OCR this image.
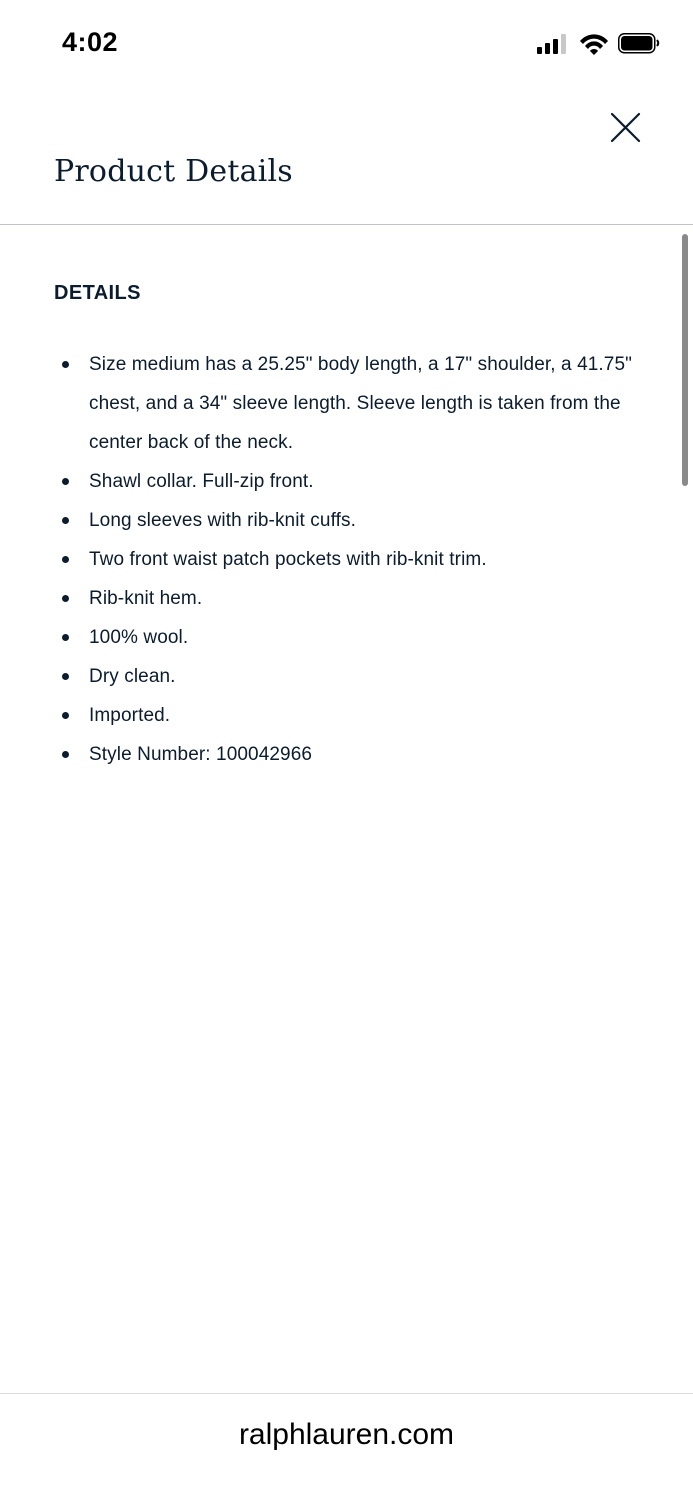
4:02
Product Details
DETAILS
Size medium has a 25.25" body length, a 17" shoulder, a 41.75" chest, and a 34" sleeve length. Sleeve length is taken from the center back of the neck.
Shawl collar. Full-zip front.
Long sleeves with rib-knit cuffs.
Two front waist patch pockets with rib-knit trim.
Rib-knit hem.
100% wool.
Dry clean.
Imported.
Style Number: 100042966
ralphlauren.com
